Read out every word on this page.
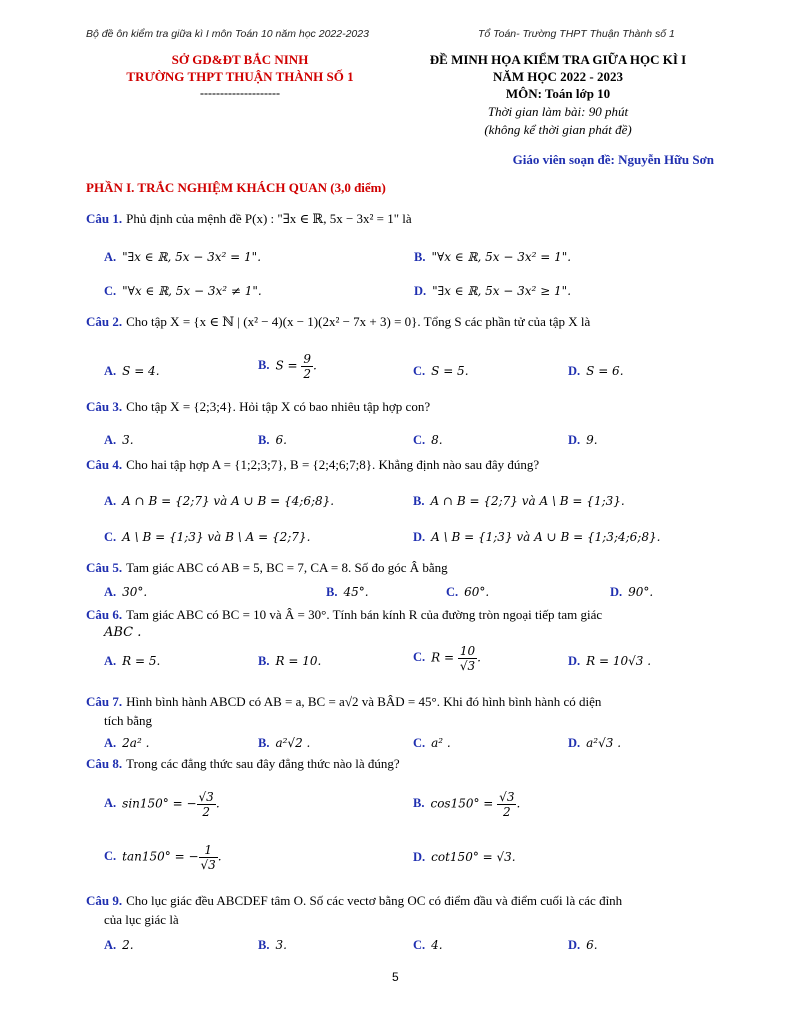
Bộ đề ôn kiểm tra giữa kì I môn Toán 10 năm học 2022-2023	Tổ Toán- Trường THPT Thuận Thành số 1
SỞ GD&ĐT BẮC NINH
TRƯỜNG THPT THUẬN THÀNH SỐ 1
--------------------
ĐỀ MINH HỌA KIỂM TRA GIỮA HỌC KÌ I
NĂM HỌC 2022 - 2023
MÔN: Toán lớp 10
Thời gian làm bài: 90 phút
(không kể thời gian phát đề)
Giáo viên soạn đề: Nguyễn Hữu Sơn
PHẦN I. TRẮC NGHIỆM KHÁCH QUAN (3,0 điểm)
Câu 1. Phủ định của mệnh đề P(x) : "∃x ∈ ℝ, 5x − 3x² = 1" là
A. "∃x ∈ ℝ, 5x − 3x² = 1".	B. "∀x ∈ ℝ, 5x − 3x² = 1".
C. "∀x ∈ ℝ, 5x − 3x² ≠ 1".	D. "∃x ∈ ℝ, 5x − 3x² ≥ 1".
Câu 2. Cho tập X = {x ∈ ℕ | (x² − 4)(x − 1)(2x² − 7x + 3) = 0}. Tổng S các phần tử của tập X là
A. S = 4.	B. $S = \frac{9}{2}$ .	C. S = 5.	D. S = 6.
Câu 3. Cho tập X = {2;3;4}. Hỏi tập X có bao nhiêu tập hợp con?
A. 3.	B. 6.	C. 8.	D. 9.
Câu 4. Cho hai tập hợp A = {1;2;3;7}, B = {2;4;6;7;8}. Khẳng định nào sau đây đúng?
A. A ∩ B = {2;7} và A ∪ B = {4;6;8}.	B. A ∩ B = {2;7} và A \ B = {1;3}.
C. A \ B = {1;3} và B \ A = {2;7}.	D. A \ B = {1;3} và A ∪ B = {1;3;4;6;8}.
Câu 5. Tam giác ABC có AB = 5, BC = 7, CA = 8. Số đo góc Â bằng
A. 30°.	B. 45°.	C. 60°.	D. 90°.
Câu 6. Tam giác ABC có BC = 10 và Â = 30°. Tính bán kính R của đường tròn ngoại tiếp tam giác
ABC .
A. R = 5.	B. R = 10.	C. $R = \frac{10}{√3}$ .	D. R = 10√3 .
Câu 7. Hình bình hành ABCD có AB = a, BC = a√2 và BÂD = 45°. Khi đó hình bình hành có diện
tích bằng
A. 2a² .	B. a²√2 .	C. a² .	D. a²√3 .
Câu 8. Trong các đẳng thức sau đây đẳng thức nào là đúng?
A. sin150° = − $\frac{√3}{2}$ .	B. $\cos 150^\circ = \frac{√3}{2}$ .
C. tan150° = − $\frac{1}{√3}$ .	D. cot150° = √3.
Câu 9. Cho lục giác đều ABCDEF tâm O. Số các vectơ bằng OC có điểm đầu và điểm cuối là các đỉnh
của lục giác là
A. 2.	B. 3.	C. 4.	D. 6.
5
